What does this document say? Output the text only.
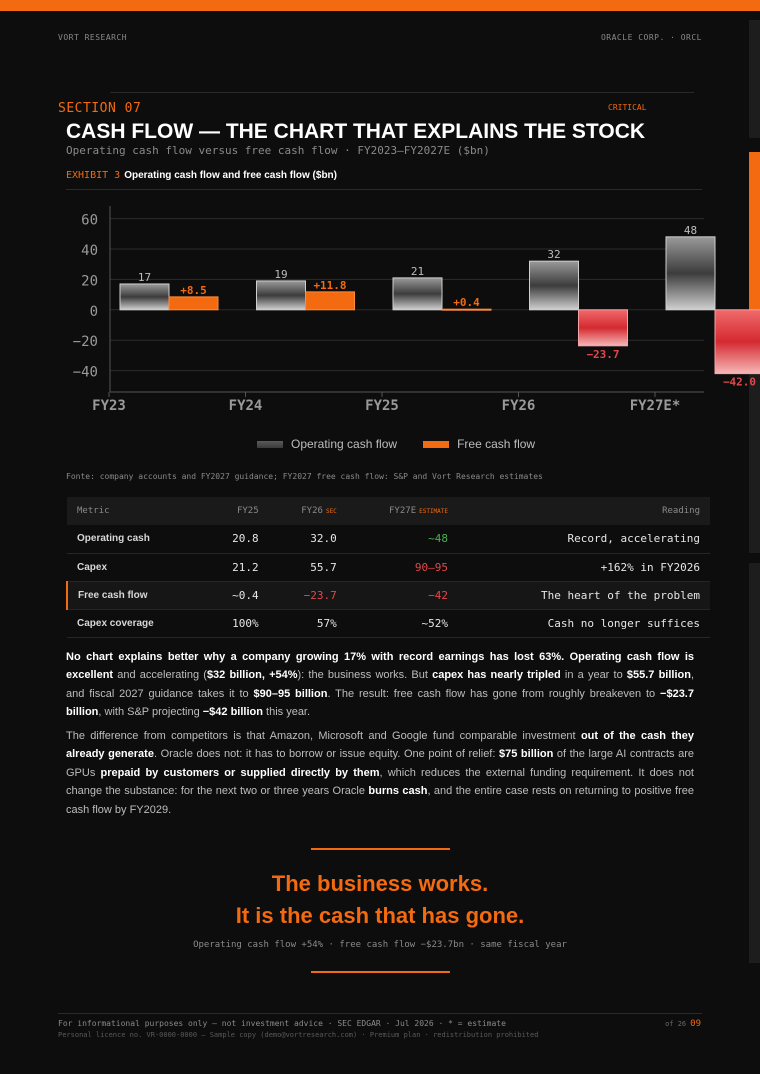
VORT RESEARCH	ORACLE CORP. · ORCL
SECTION 07	CRITICAL
CASH FLOW — THE CHART THAT EXPLAINS THE STOCK
Operating cash flow versus free cash flow · FY2023–FY2027E ($bn)
EXHIBIT 3 Operating cash flow and free cash flow ($bn)
60
40
20
0
−20
−40
FY23
17
+8.5
FY24
19
+11.8
FY25
21
+0.4
FY26
32
−23.7
FY27E*
48
−42.0
Operating cash flow	Free cash flow
Fonte: company accounts and FY2027 guidance; FY2027 free cash flow: S&P and Vort Research estimates
Metric	FY25	FY26 SEC	FY27E ESTIMATE	Reading
Operating cash	20.8	32.0	~48	Record, accelerating
Capex	21.2	55.7	90–95	+162% in FY2026
Free cash flow	~0.4	−23.7	−42	The heart of the problem
Capex coverage	100%	57%	~52%	Cash no longer suffices
No chart explains better why a company growing 17% with record earnings has lost 63%. Operating cash flow is excellent and accelerating ($32 billion, +54%): the business works. But capex has nearly tripled in a year to $55.7 billion, and fiscal 2027 guidance takes it to $90–95 billion. The result: free cash flow has gone from roughly breakeven to −$23.7 billion, with S&P projecting −$42 billion this year.
The difference from competitors is that Amazon, Microsoft and Google fund comparable investment out of the cash they already generate. Oracle does not: it has to borrow or issue equity. One point of relief: $75 billion of the large AI contracts are GPUs prepaid by customers or supplied directly by them, which reduces the external funding requirement. It does not change the substance: for the next two or three years Oracle burns cash, and the entire case rests on returning to positive free cash flow by FY2029.
The business works.
It is the cash that has gone.
Operating cash flow +54% · free cash flow −$23.7bn · same fiscal year
For informational purposes only — not investment advice · SEC EDGAR · Jul 2026 · * = estimate
Personal licence no. VR-0000-0000 — Sample copy (demo@vortresearch.com) · Premium plan · redistribution prohibited
of 26 09
